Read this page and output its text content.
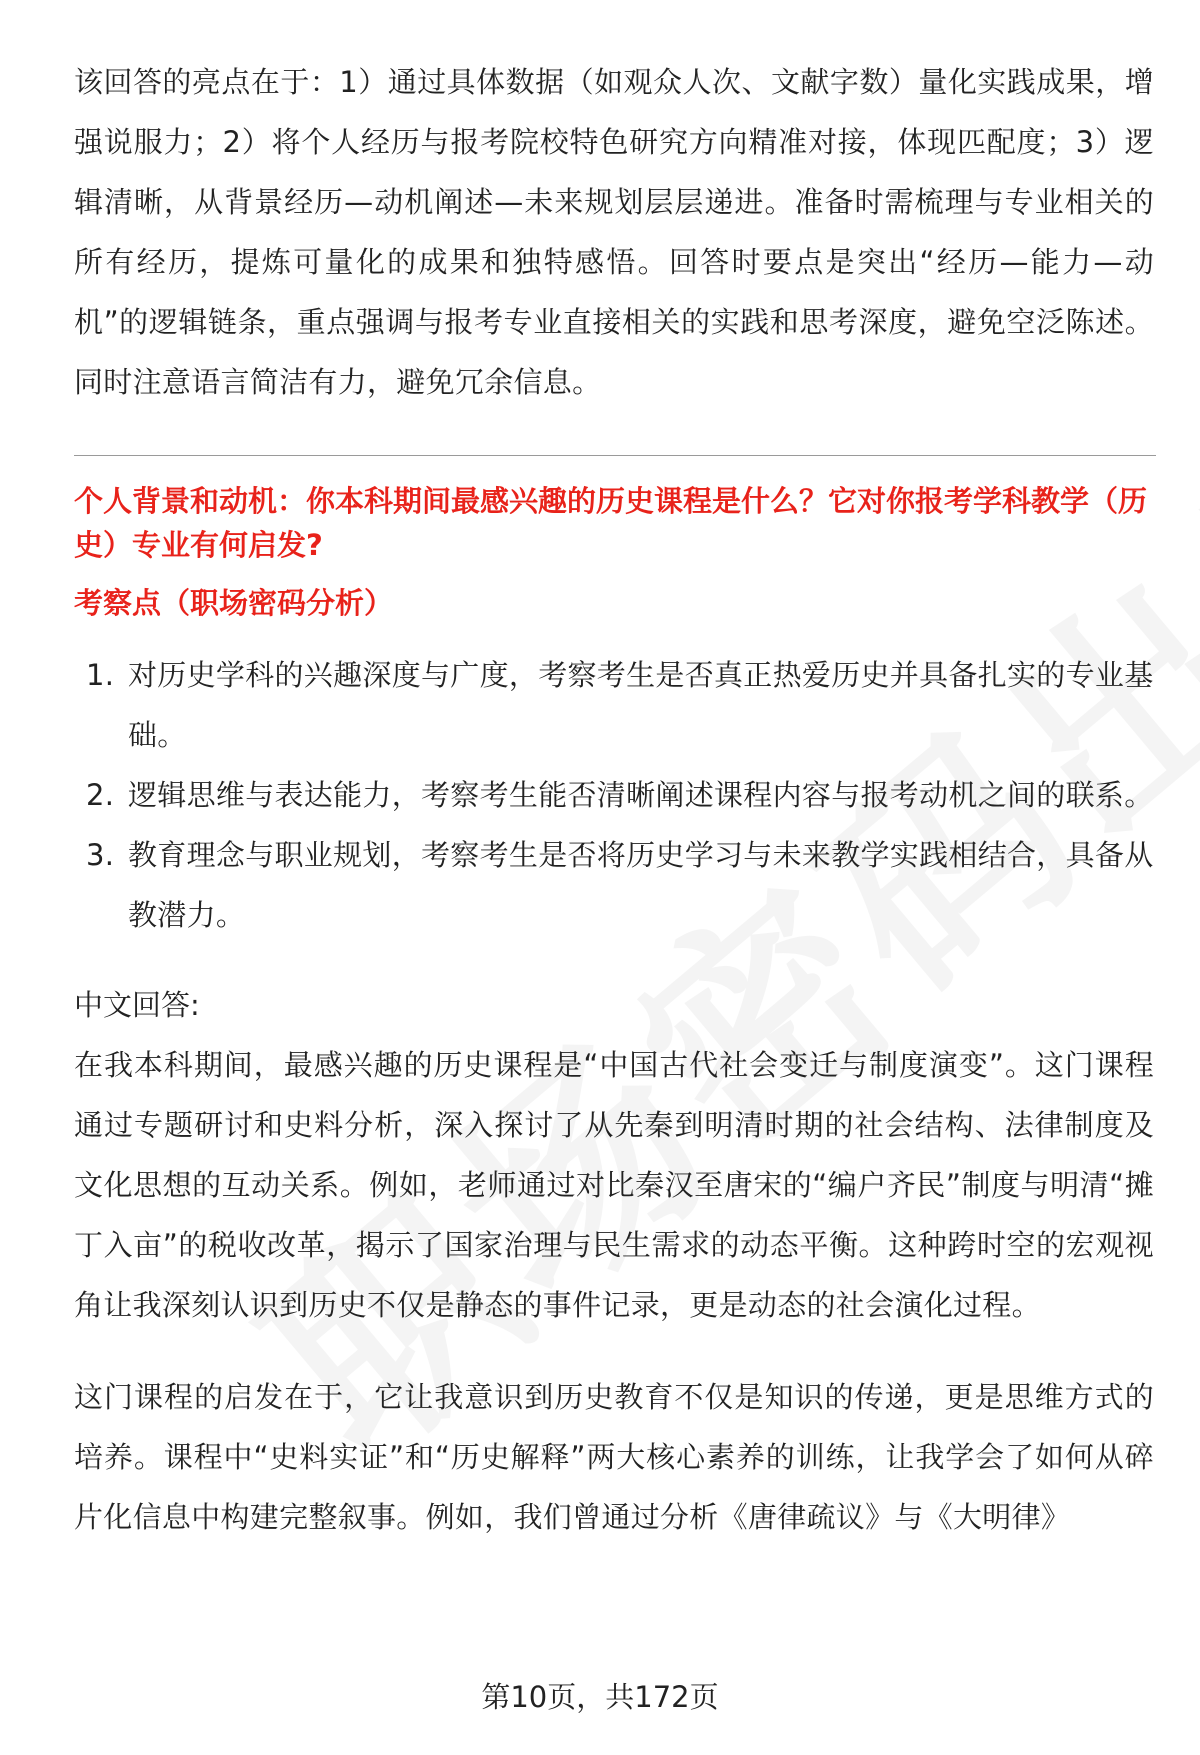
该回答的亮点在于：1）通过具体数据（如观众人次、文献字数）量化实践成果，增强说服力；2）将个人经历与报考院校特色研究方向精准对接，体现匹配度；3）逻辑清晰，从背景经历—动机阐述—未来规划层层递进。准备时需梳理与专业相关的所有经历，提炼可量化的成果和独特感悟。回答时要点是突出“经历—能力—动机”的逻辑链条，重点强调与报考专业直接相关的实践和思考深度，避免空泛陈述。同时注意语言简洁有力，避免冗余信息。

个人背景和动机：你本科期间最感兴趣的历史课程是什么？它对你报考学科教学（历史）专业有何启发?

考察点（职场密码分析）

1. 对历史学科的兴趣深度与广度，考察考生是否真正热爱历史并具备扎实的专业基础。
2. 逻辑思维与表达能力，考察考生能否清晰阐述课程内容与报考动机之间的联系。
3. 教育理念与职业规划，考察考生是否将历史学习与未来教学实践相结合，具备从教潜力。

中文回答:

在我本科期间，最感兴趣的历史课程是“中国古代社会变迁与制度演变”。这门课程通过专题研讨和史料分析，深入探讨了从先秦到明清时期的社会结构、法律制度及文化思想的互动关系。例如，老师通过对比秦汉至唐宋的“编户齐民”制度与明清“摊丁入亩”的税收改革，揭示了国家治理与民生需求的动态平衡。这种跨时空的宏观视角让我深刻认识到历史不仅是静态的事件记录，更是动态的社会演化过程。

这门课程的启发在于，它让我意识到历史教育不仅是知识的传递，更是思维方式的培养。课程中“史料实证”和“历史解释”两大核心素养的训练，让我学会了如何从碎片化信息中构建完整叙事。例如，我们曾通过分析《唐律疏议》与《大明律》

第10页，共172页
